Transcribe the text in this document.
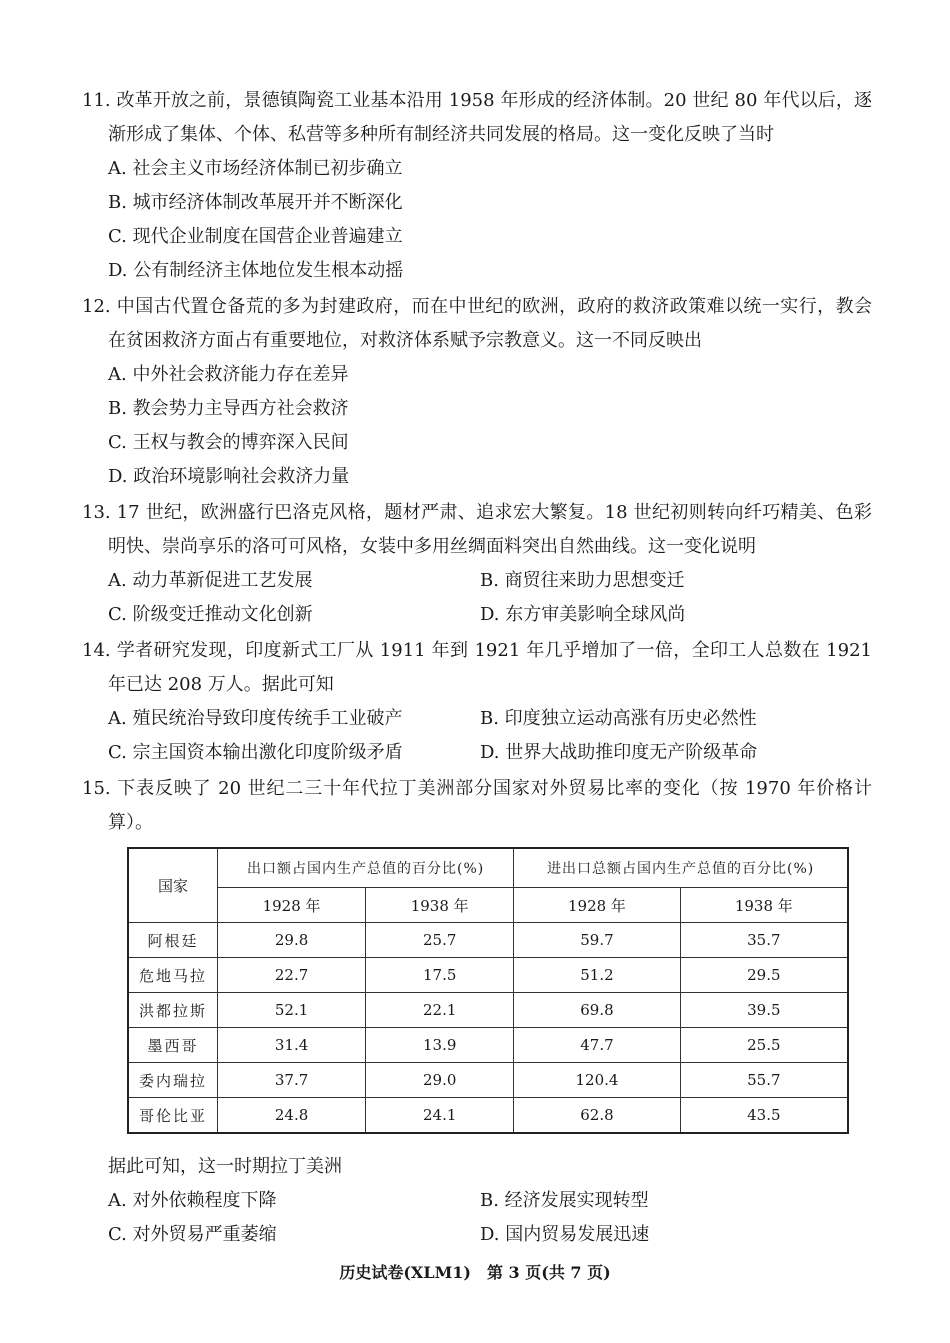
11. 改革开放之前，景德镇陶瓷工业基本沿用 1958 年形成的经济体制。20 世纪 80 年代以后，逐渐形成了集体、个体、私营等多种所有制经济共同发展的格局。这一变化反映了当时
A. 社会主义市场经济体制已初步确立
B. 城市经济体制改革展开并不断深化
C. 现代企业制度在国营企业普遍建立
D. 公有制经济主体地位发生根本动摇
12. 中国古代置仓备荒的多为封建政府，而在中世纪的欧洲，政府的救济政策难以统一实行，教会在贫困救济方面占有重要地位，对救济体系赋予宗教意义。这一不同反映出
A. 中外社会救济能力存在差异
B. 教会势力主导西方社会救济
C. 王权与教会的博弈深入民间
D. 政治环境影响社会救济力量
13. 17 世纪，欧洲盛行巴洛克风格，题材严肃、追求宏大繁复。18 世纪初则转向纤巧精美、色彩明快、崇尚享乐的洛可可风格，女装中多用丝绸面料突出自然曲线。这一变化说明
A. 动力革新促进工艺发展	B. 商贸往来助力思想变迁
C. 阶级变迁推动文化创新	D. 东方审美影响全球风尚
14. 学者研究发现，印度新式工厂从 1911 年到 1921 年几乎增加了一倍，全印工人总数在 1921 年已达 208 万人。据此可知
A. 殖民统治导致印度传统手工业破产	B. 印度独立运动高涨有历史必然性
C. 宗主国资本输出激化印度阶级矛盾	D. 世界大战助推印度无产阶级革命
15. 下表反映了 20 世纪二三十年代拉丁美洲部分国家对外贸易比率的变化（按 1970 年价格计算）。
国家	出口额占国内生产总值的百分比(%)		进出口总额占国内生产总值的百分比(%)	
	1928 年	1938 年	1928 年	1938 年
阿根廷	29.8	25.7	59.7	35.7
危地马拉	22.7	17.5	51.2	29.5
洪都拉斯	52.1	22.1	69.8	39.5
墨西哥	31.4	13.9	47.7	25.5
委内瑞拉	37.7	29.0	120.4	55.7
哥伦比亚	24.8	24.1	62.8	43.5
据此可知，这一时期拉丁美洲
A. 对外依赖程度下降	B. 经济发展实现转型
C. 对外贸易严重萎缩	D. 国内贸易发展迅速
历史试卷(XLM1)　第 3 页(共 7 页)
